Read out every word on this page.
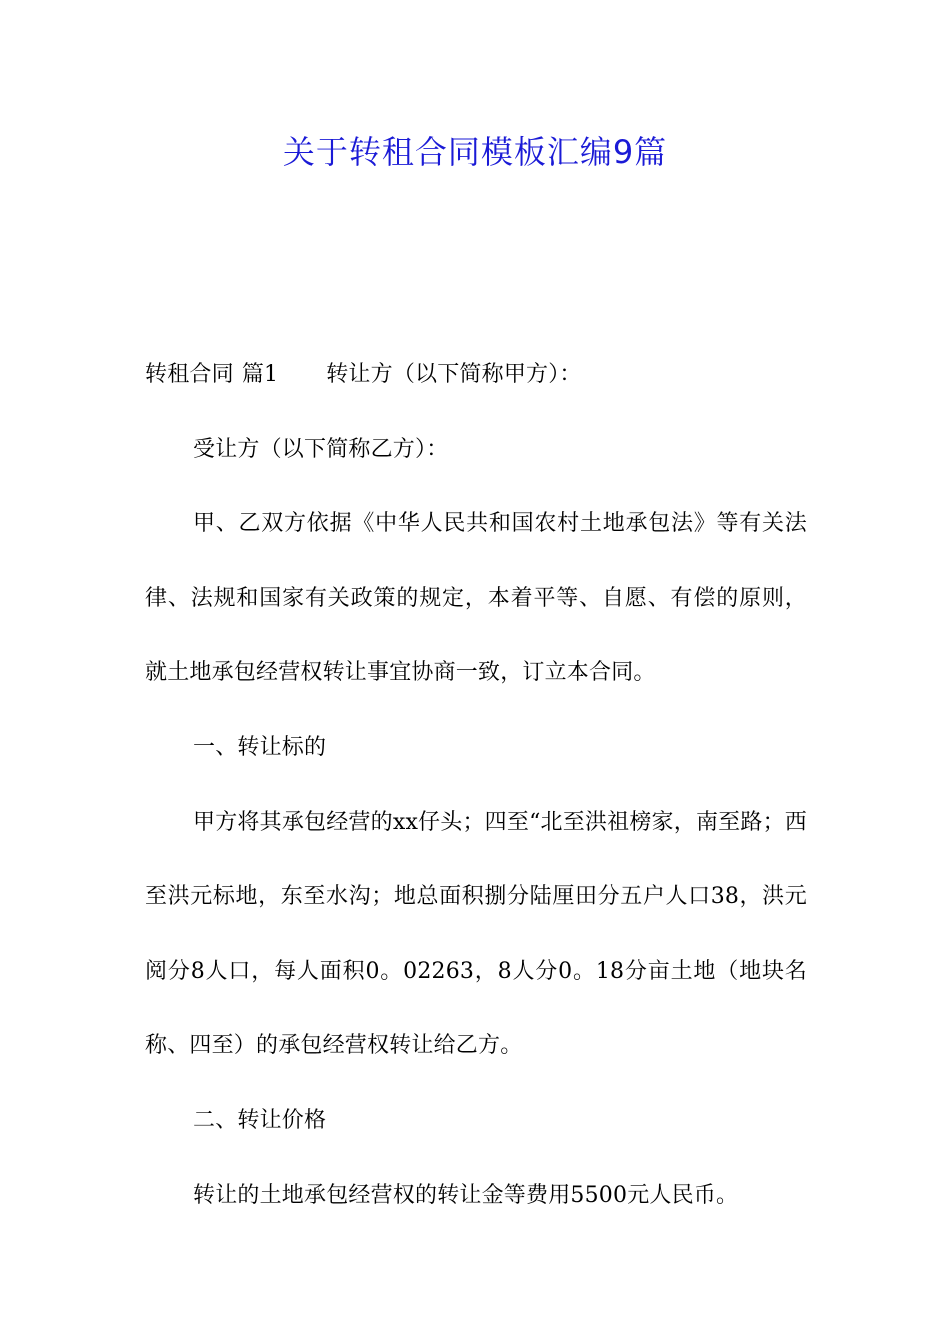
关于转租合同模板汇编9篇

转租合同 篇1 转让方（以下简称甲方）：

受让方（以下简称乙方）：

甲、乙双方依据《中华人民共和国农村土地承包法》等有关法律、法规和国家有关政策的规定，本着平等、自愿、有偿的原则，就土地承包经营权转让事宜协商一致，订立本合同。

一、转让标的

甲方将其承包经营的xx仔头；四至“北至洪祖榜家，南至路；西至洪元标地，东至水沟；地总面积捌分陆厘田分五户人口38，洪元阅分8人口，每人面积0。02263，8人分0。18分亩土地（地块名称、四至）的承包经营权转让给乙方。

二、转让价格

转让的土地承包经营权的转让金等费用5500元人民币。
